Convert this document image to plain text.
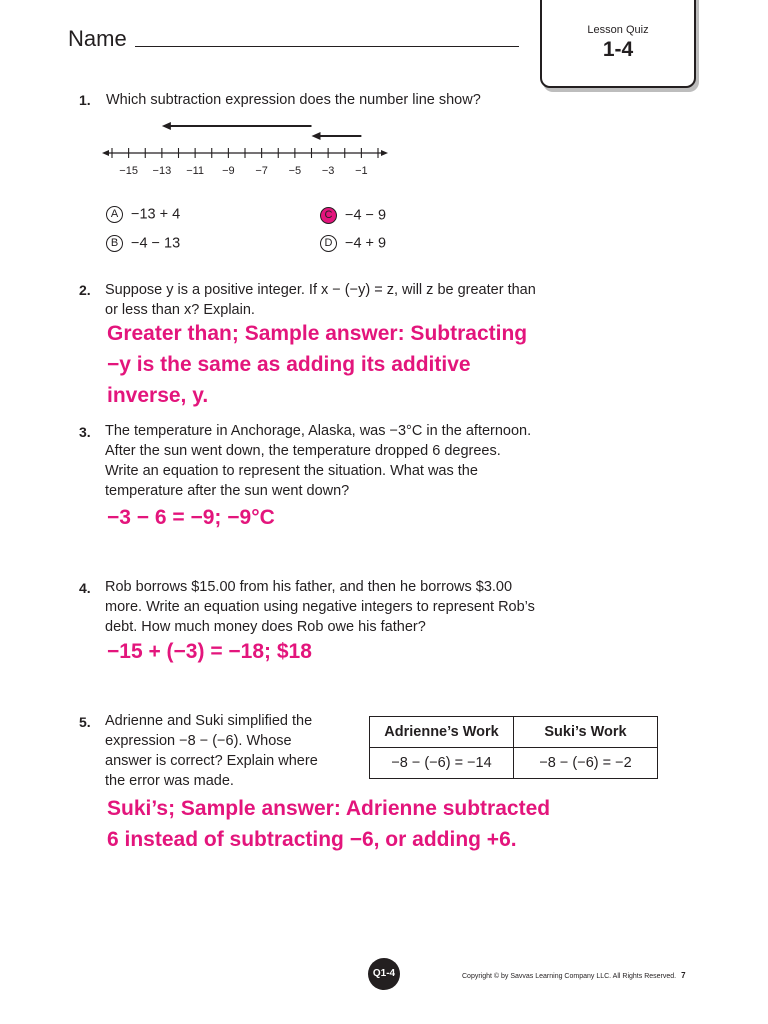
Name	Lesson Quiz
1-4
1. Which subtraction expression does the number line show?
−15 −13 −11 −9 −7 −5 −3 −1
A −13 + 4	C −4 − 9
B −4 − 13	D −4 + 9
2. Suppose y is a positive integer. If x − (−y) = z, will z be greater than
or less than x? Explain.
Greater than; Sample answer: Subtracting
−y is the same as adding its additive
inverse, y.
3. The temperature in Anchorage, Alaska, was −3°C in the afternoon.
After the sun went down, the temperature dropped 6 degrees.
Write an equation to represent the situation. What was the
temperature after the sun went down?
−3 − 6 = −9; −9°C
4. Rob borrows $15.00 from his father, and then he borrows $3.00
more. Write an equation using negative integers to represent Rob’s
debt. How much money does Rob owe his father?
−15 + (−3) = −18; $18
5. Adrienne and Suki simplified the
expression −8 − (−6). Whose
answer is correct? Explain where
the error was made.
Adrienne’s Work	Suki’s Work
−8 − (−6) = −14	−8 − (−6) = −2
Suki’s; Sample answer: Adrienne subtracted
6 instead of subtracting −6, or adding +6.
Q1-4	Copyright © by Savvas Learning Company LLC. All Rights Reserved. 7
